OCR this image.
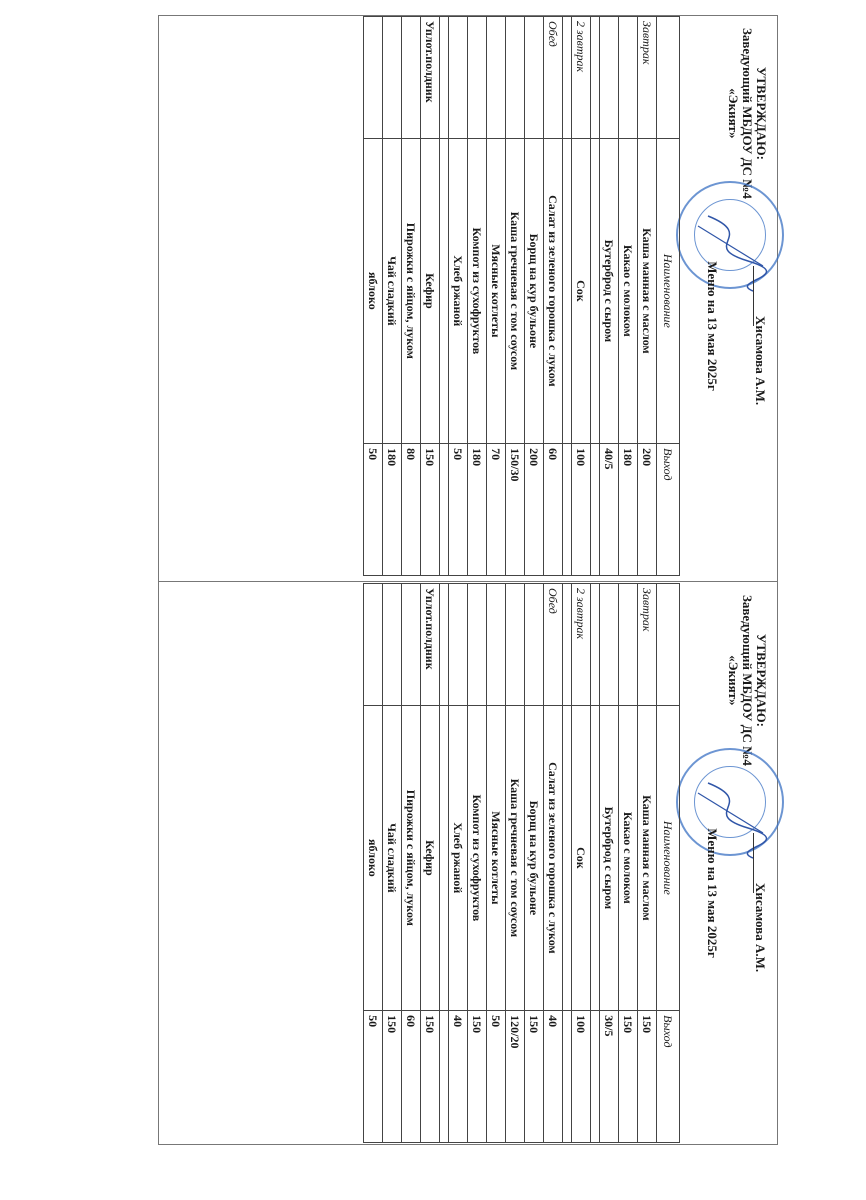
УТВЕРЖДАЮ:
Заведующий МБДОУ ДС №4
«Экият»
Хисамова А.М.
Меню на 13 мая 2025г
	Наименование	Выход
Завтрак	Каша манная с маслом	200
	Какао с молоком	180
	Бутерброд с сыром	40/5

2 завтрак	Сок	100

Обед	Салат из зеленого горошка с луком	60
	Борщ на кур бульоне	200
	Каша гречневая с том соусом	150/30
	Мясные котлеты	70
	Компот из сухофруктов	180
	Хлеб ржаной	50

Уплот.полдник	Кефир	150
	Пирожки с яйцом, луком	80
	Чай сладкий	180
	яблоко	50
УТВЕРЖДАЮ:
Заведующий МБДОУ ДС №4
«Экият»
Хисамова А.М.
Меню на 13 мая 2025г
	Наименование	Выход
Завтрак	Каша манная с маслом	150
	Какао с молоком	150
	Бутерброд с сыром	30/5

2 завтрак	Сок	100

Обед	Салат из зеленого горошка с луком	40
	Борщ на кур бульоне	150
	Каша гречневая с том соусом	120/20
	Мясные котлеты	50
	Компот из сухофруктов	150
	Хлеб ржаной	40

Уплот.полдник	Кефир	150
	Пирожки с яйцом, луком	60
	Чай сладкий	150
	яблоко	50
